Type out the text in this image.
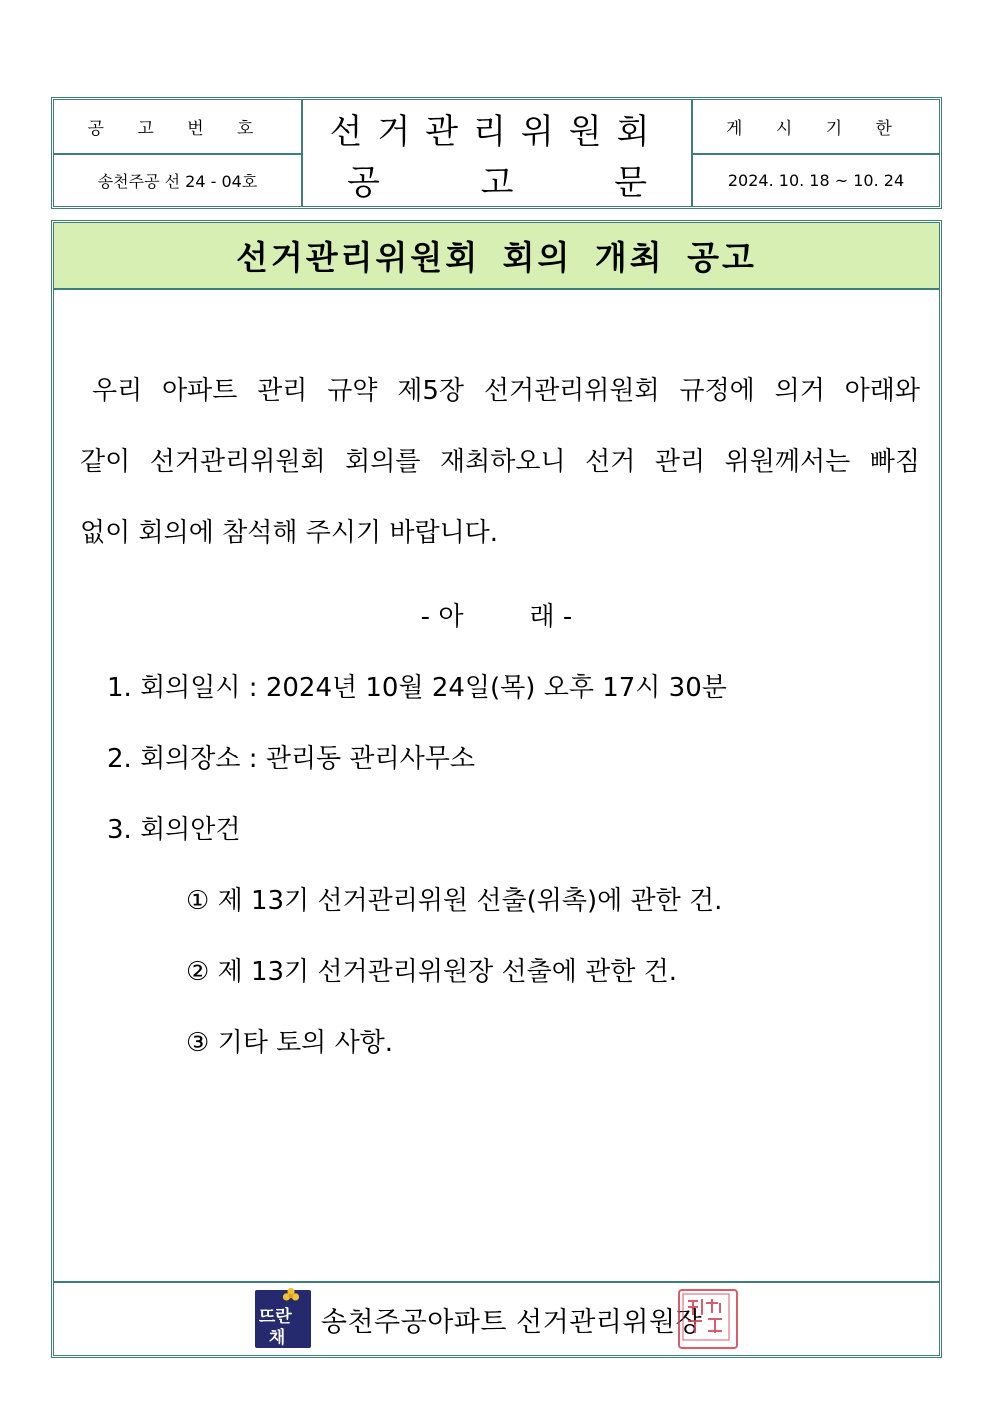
공 고 번 호
송천주공 선 24 - 04호
선거관리위원회
공	고	문
게 시 기 한
2024. 10. 18 ~ 10. 24
선거관리위원회 회의 개최 공고
우리 아파트 관리 규약 제5장 선거관리위원회 규정에 의거 아래와
같이 선거관리위원회 회의를 재최하오니 선거 관리 위원께서는 빠짐
없이 회의에 참석해 주시기 바랍니다.
- 아        래 -
1. 회의일시 : 2024년 10월 24일(목) 오후 17시 30분
2. 회의장소 : 관리동 관리사무소
3. 회의안건
① 제 13기 선거관리위원 선출(위촉)에 관한 건.
② 제 13기 선거관리위원장 선출에 관한 건.
③ 기타 토의 사항.
뜨란
채
송천주공아파트 선거관리위원장
